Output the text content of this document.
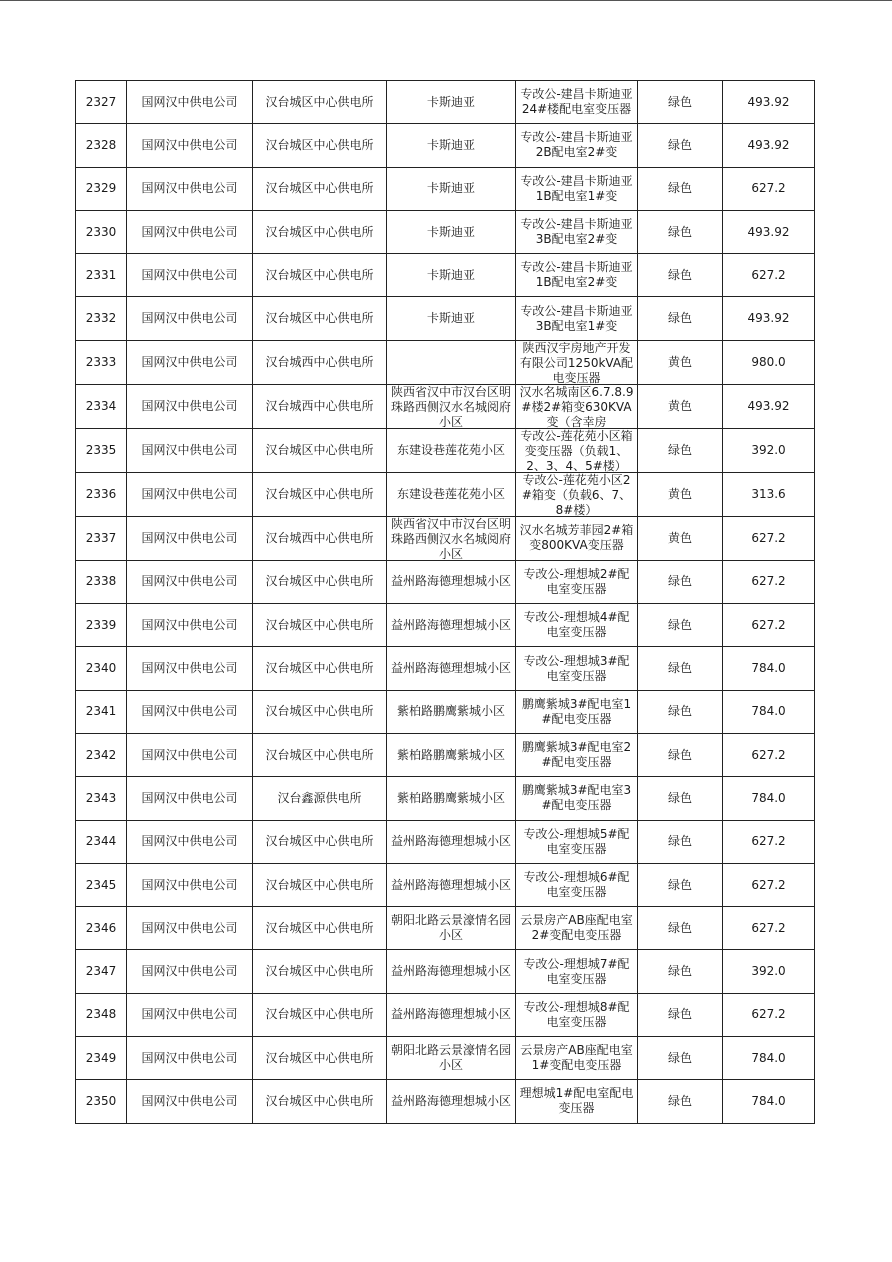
2327	国网汉中供电公司	汉台城区中心供电所	卡斯迪亚	专改公-建昌卡斯迪亚24#楼配电室变压器	绿色	493.92

2328	国网汉中供电公司	汉台城区中心供电所	卡斯迪亚	专改公-建昌卡斯迪亚2B配电室2#变	绿色	493.92

2329	国网汉中供电公司	汉台城区中心供电所	卡斯迪亚	专改公-建昌卡斯迪亚1B配电室1#变	绿色	627.2

2330	国网汉中供电公司	汉台城区中心供电所	卡斯迪亚	专改公-建昌卡斯迪亚3B配电室2#变	绿色	493.92

2331	国网汉中供电公司	汉台城区中心供电所	卡斯迪亚	专改公-建昌卡斯迪亚1B配电室2#变	绿色	627.2

2332	国网汉中供电公司	汉台城区中心供电所	卡斯迪亚	专改公-建昌卡斯迪亚3B配电室1#变	绿色	493.92

2333	国网汉中供电公司	汉台城西中心供电所		陕西汉宇房地产开发有限公司1250kVA配电变压器	黄色	980.0

2334	国网汉中供电公司	汉台城西中心供电所	陕西省汉中市汉台区明珠路西侧汉水名城阅府小区	汉水名城南区6.7.8.9#楼2#箱变630KVA变（含幸房	黄色	493.92

2335	国网汉中供电公司	汉台城区中心供电所	东建设巷莲花苑小区	专改公-莲花苑小区箱变变压器（负载1、2、3、4、5#楼）	绿色	392.0

2336	国网汉中供电公司	汉台城区中心供电所	东建设巷莲花苑小区	专改公-莲花苑小区2#箱变（负载6、7、8#楼）	黄色	313.6

2337	国网汉中供电公司	汉台城西中心供电所	陕西省汉中市汉台区明珠路西侧汉水名城阅府小区	汉水名城芳菲园2#箱变800KVA变压器	黄色	627.2

2338	国网汉中供电公司	汉台城区中心供电所	益州路海德理想城小区	专改公-理想城2#配电室变压器	绿色	627.2

2339	国网汉中供电公司	汉台城区中心供电所	益州路海德理想城小区	专改公-理想城4#配电室变压器	绿色	627.2

2340	国网汉中供电公司	汉台城区中心供电所	益州路海德理想城小区	专改公-理想城3#配电室变压器	绿色	784.0

2341	国网汉中供电公司	汉台城区中心供电所	紫柏路鹏鹰紫城小区	鹏鹰紫城3#配电室1#配电变压器	绿色	784.0

2342	国网汉中供电公司	汉台城区中心供电所	紫柏路鹏鹰紫城小区	鹏鹰紫城3#配电室2#配电变压器	绿色	627.2

2343	国网汉中供电公司	汉台鑫源供电所	紫柏路鹏鹰紫城小区	鹏鹰紫城3#配电室3#配电变压器	绿色	784.0

2344	国网汉中供电公司	汉台城区中心供电所	益州路海德理想城小区	专改公-理想城5#配电室变压器	绿色	627.2

2345	国网汉中供电公司	汉台城区中心供电所	益州路海德理想城小区	专改公-理想城6#配电室变压器	绿色	627.2

2346	国网汉中供电公司	汉台城区中心供电所	朝阳北路云景濠情名园小区	云景房产AB座配电室2#变配电变压器	绿色	627.2

2347	国网汉中供电公司	汉台城区中心供电所	益州路海德理想城小区	专改公-理想城7#配电室变压器	绿色	392.0

2348	国网汉中供电公司	汉台城区中心供电所	益州路海德理想城小区	专改公-理想城8#配电室变压器	绿色	627.2

2349	国网汉中供电公司	汉台城区中心供电所	朝阳北路云景濠情名园小区	云景房产AB座配电室1#变配电变压器	绿色	784.0

2350	国网汉中供电公司	汉台城区中心供电所	益州路海德理想城小区	理想城1#配电室配电变压器	绿色	784.0
